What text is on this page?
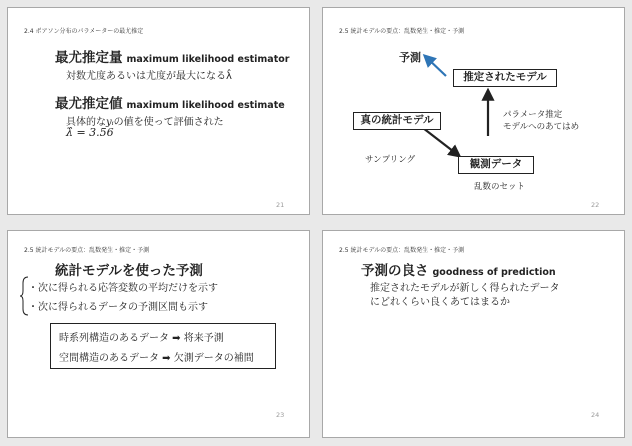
2.4 ポアソン分布のパラメーターの最尤推定
最尤推定量 maximum likelihood estimator
対数尤度あるいは尤度が最大になるλ̂
最尤推定値 maximum likelihood estimate
具体的なyᵢの値を使って評価された
λ̂ = 3.56
21
2.5 統計モデルの要点：乱数発生・推定・予測
予測
推定されたモデル
パラメータ推定
モデルへのあてはめ
真の統計モデル
サンプリング	観測データ
乱数のセット
22
2.5 統計モデルの要点：乱数発生・推定・予測
統計モデルを使った予測
・次に得られる応答変数の平均だけを示す
・次に得られるデータの予測区間も示す
時系列構造のあるデータ ➡ 将来予測
空間構造のあるデータ ➡ 欠測データの補間
23
2.5 統計モデルの要点：乱数発生・推定・予測
予測の良さ goodness of prediction
推定されたモデルが新しく得られたデータ
にどれくらい良くあてはまるか
24
